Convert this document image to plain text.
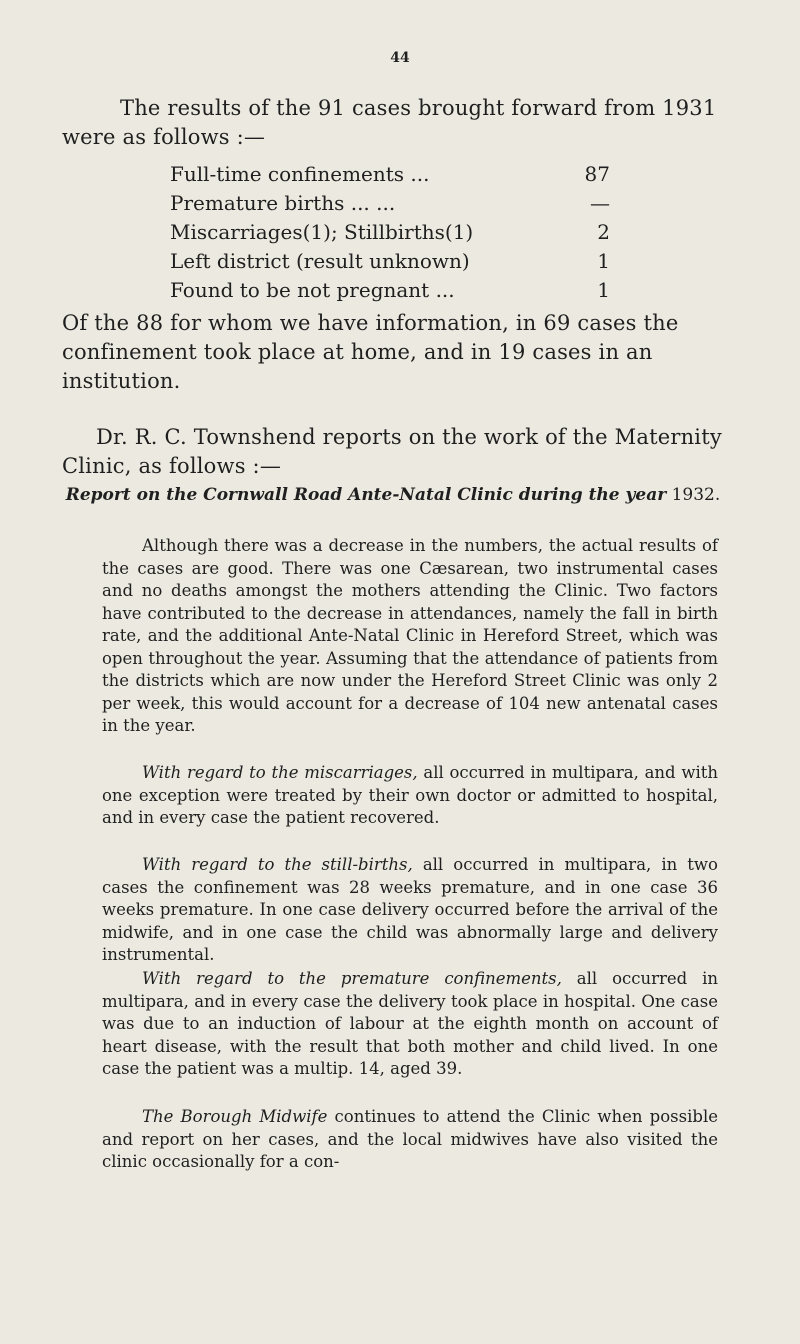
44

The results of the 91 cases brought forward from 1931 were as follows :—

Full-time confinements ...	87
Premature births ... ...	—
Miscarriages(1); Stillbirths(1)	2
Left district (result unknown)	1
Found to be not pregnant ...	1

Of the 88 for whom we have information, in 69 cases the confinement took place at home, and in 19 cases in an institution.

Dr. R. C. Townshend reports on the work of the Maternity Clinic, as follows :—

Report on the Cornwall Road Ante-Natal Clinic during the year 1932.

Although there was a decrease in the numbers, the actual results of the cases are good. There was one Cæsarean, two instrumental cases and no deaths amongst the mothers attending the Clinic. Two factors have contributed to the decrease in attendances, namely the fall in birth rate, and the additional Ante-Natal Clinic in Hereford Street, which was open throughout the year. Assuming that the attendance of patients from the districts which are now under the Hereford Street Clinic was only 2 per week, this would account for a decrease of 104 new antenatal cases in the year.

With regard to the miscarriages, all occurred in multipara, and with one exception were treated by their own doctor or admitted to hospital, and in every case the patient recovered.

With regard to the still-births, all occurred in multipara, in two cases the confinement was 28 weeks premature, and in one case 36 weeks premature. In one case delivery occurred before the arrival of the midwife, and in one case the child was abnormally large and delivery instrumental.

With regard to the premature confinements, all occurred in multipara, and in every case the delivery took place in hospital. One case was due to an induction of labour at the eighth month on account of heart disease, with the result that both mother and child lived. In one case the patient was a multip. 14, aged 39.

The Borough Midwife continues to attend the Clinic when possible and report on her cases, and the local midwives have also visited the clinic occasionally for a con-
